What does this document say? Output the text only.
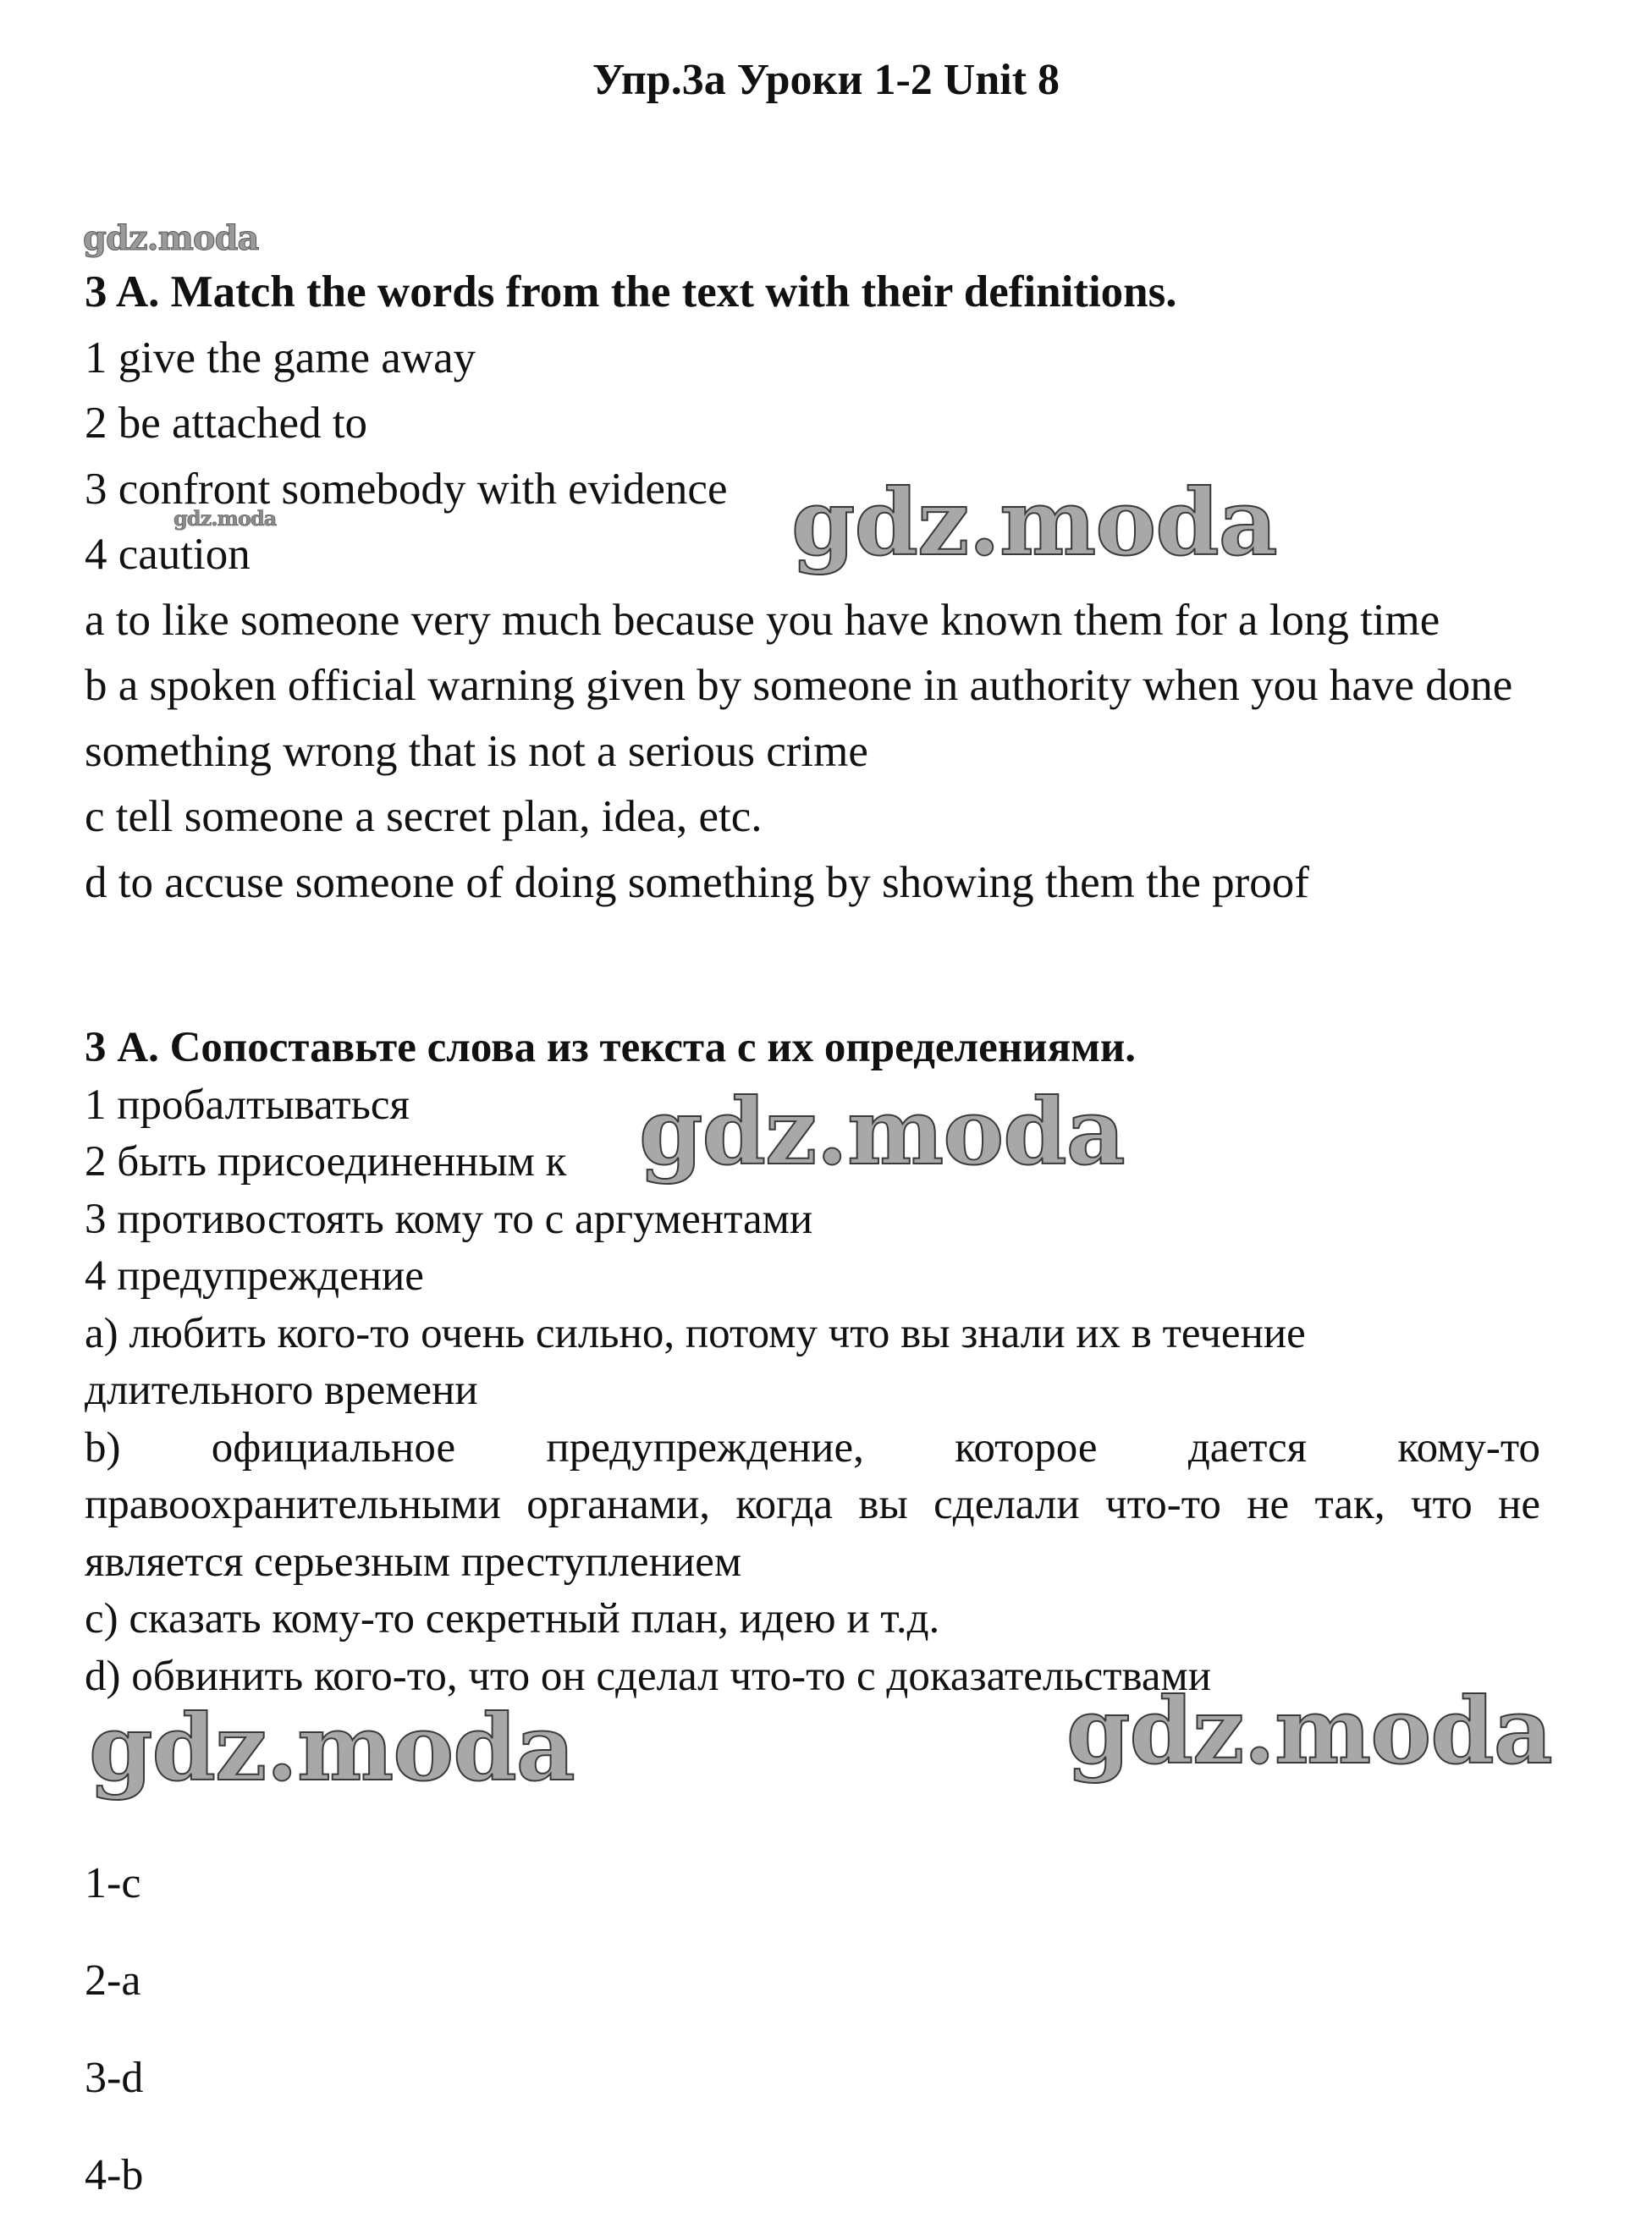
Упр.3а Уроки 1-2 Unit 8
gdz.moda
gdz.moda	gdz.moda
gdz.moda
gdz.moda	gdz.moda
3 A. Match the words from the text with their definitions.
1 give the game away
2 be attached to
3 confront somebody with evidence
4 caution
a to like someone very much because you have known them for a long time
b a spoken official warning given by someone in authority when you have done something wrong that is not a serious crime
c tell someone a secret plan, idea, etc.
d to accuse someone of doing something by showing them the proof
3 А. Сопоставьте слова из текста с их определениями.
1 пробалтываться
2 быть присоединенным к
3 противостоять кому то с аргументами
4 предупреждение
a) любить кого-то очень сильно, потому что вы знали их в течение длительного времени
b) официальное предупреждение, которое дается кому-то правоохранительными органами, когда вы сделали что-то не так, что не является серьезным преступлением
c) сказать кому-то секретный план, идею и т.д.
d) обвинить кого-то, что он сделал что-то с доказательствами
1-c
2-a
3-d
4-b
